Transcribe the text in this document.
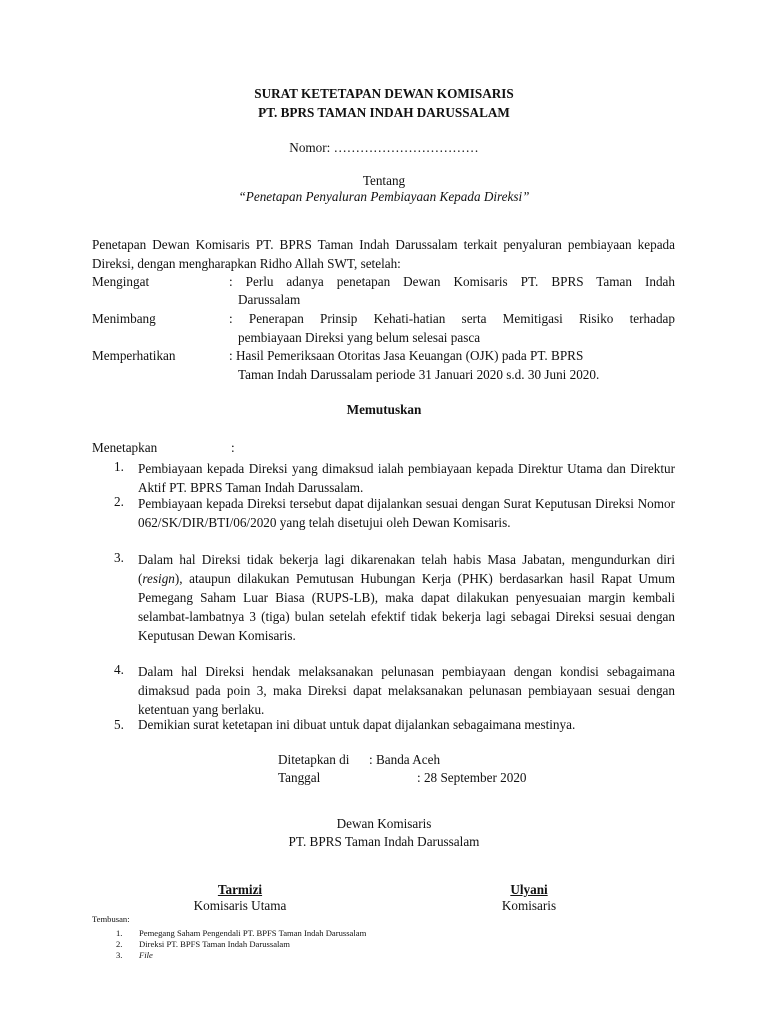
SURAT KETETAPAN DEWAN KOMISARIS
PT. BPRS TAMAN INDAH DARUSSALAM
Nomor: ……………………………
Tentang
“Penetapan Penyaluran Pembiayaan Kepada Direksi”
Penetapan Dewan Komisaris PT. BPRS Taman Indah Darussalam terkait penyaluran pembiayaan kepada Direksi, dengan mengharapkan Ridho Allah SWT, setelah:
Mengingat	: Perlu adanya penetapan Dewan Komisaris PT. BPRS Taman Indah
Darussalam
Menimbang	: Penerapan Prinsip Kehati-hatian serta Memitigasi Risiko terhadap
pembiayaan Direksi yang belum selesai pasca
Memperhatikan	: Hasil Pemeriksaan Otoritas Jasa Keuangan (OJK) pada PT. BPRS
Taman Indah Darussalam periode 31 Januari 2020 s.d. 30 Juni 2020.
Memutuskan
Menetapkan	:
1. Pembiayaan kepada Direksi yang dimaksud ialah pembiayaan kepada Direktur Utama dan Direktur Aktif PT. BPRS Taman Indah Darussalam.
2. Pembiayaan kepada Direksi tersebut dapat dijalankan sesuai dengan Surat Keputusan Direksi Nomor 062/SK/DIR/BTI/06/2020 yang telah disetujui oleh Dewan Komisaris.
3. Dalam hal Direksi tidak bekerja lagi dikarenakan telah habis Masa Jabatan, mengundurkan diri (resign), ataupun dilakukan Pemutusan Hubungan Kerja (PHK) berdasarkan hasil Rapat Umum Pemegang Saham Luar Biasa (RUPS-LB), maka dapat dilakukan penyesuaian margin kembali selambat-lambatnya 3 (tiga) bulan setelah efektif tidak bekerja lagi sebagai Direksi sesuai dengan Keputusan Dewan Komisaris.
4. Dalam hal Direksi hendak melaksanakan pelunasan pembiayaan dengan kondisi sebagaimana dimaksud pada poin 3, maka Direksi dapat melaksanakan pelunasan pembiayaan sesuai dengan ketentuan yang berlaku.
5. Demikian surat ketetapan ini dibuat untuk dapat dijalankan sebagaimana mestinya.
Ditetapkan di : Banda Aceh
Tanggal	: 28 September 2020
Dewan Komisaris
PT. BPRS Taman Indah Darussalam
Tarmizi
Komisaris Utama
Ulyani
Komisaris
Tembusan:
1. Pemegang Saham Pengendali PT. BPFS Taman Indah Darussalam
2. Direksi PT. BPFS Taman Indah Darussalam
3. File
